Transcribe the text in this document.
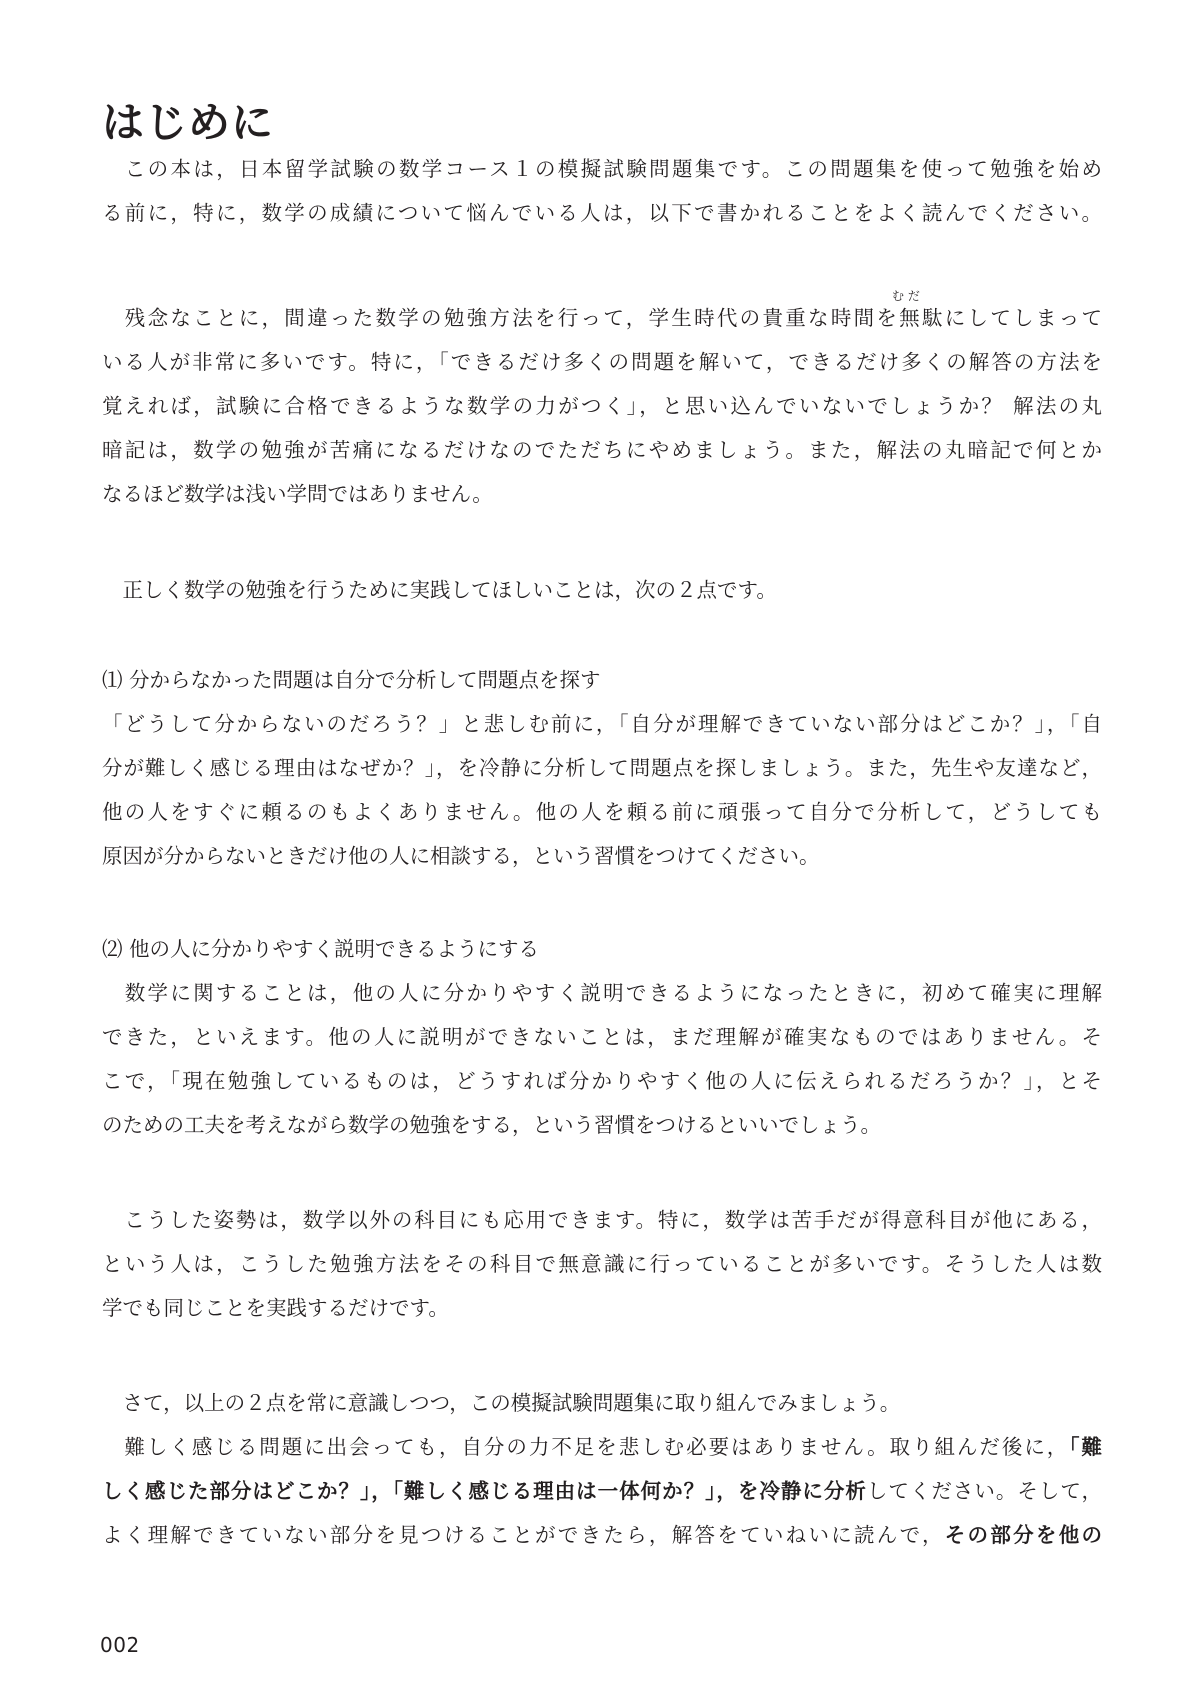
はじめに
む だ
　この本は，日本留学試験の数学コース１の模擬試験問題集です。この問題集を使って勉強を始め
る前に，特に，数学の成績について悩んでいる人は，以下で書かれることをよく読んでください。
　残念なことに，間違った数学の勉強方法を行って，学生時代の貴重な時間を無駄にしてしまって
いる人が非常に多いです。特に，「できるだけ多くの問題を解いて，できるだけ多くの解答の方法を
覚えれば，試験に合格できるような数学の力がつく」，と思い込んでいないでしょうか？ 解法の丸
暗記は，数学の勉強が苦痛になるだけなのでただちにやめましょう。また，解法の丸暗記で何とか
なるほど数学は浅い学問ではありません。
　正しく数学の勉強を行うために実践してほしいことは，次の２点です。
⑴ 分からなかった問題は自分で分析して問題点を探す
「どうして分からないのだろう？」と悲しむ前に，「自分が理解できていない部分はどこか？」，「自
分が難しく感じる理由はなぜか？」，を冷静に分析して問題点を探しましょう。また，先生や友達など，
他の人をすぐに頼るのもよくありません。他の人を頼る前に頑張って自分で分析して，どうしても
原因が分からないときだけ他の人に相談する，という習慣をつけてください。
⑵ 他の人に分かりやすく説明できるようにする
　数学に関することは，他の人に分かりやすく説明できるようになったときに，初めて確実に理解
できた，といえます。他の人に説明ができないことは，まだ理解が確実なものではありません。そ
こで，「現在勉強しているものは，どうすれば分かりやすく他の人に伝えられるだろうか？」，とそ
のための工夫を考えながら数学の勉強をする，という習慣をつけるといいでしょう。
　こうした姿勢は，数学以外の科目にも応用できます。特に，数学は苦手だが得意科目が他にある，
という人は，こうした勉強方法をその科目で無意識に行っていることが多いです。そうした人は数
学でも同じことを実践するだけです。
　さて，以上の２点を常に意識しつつ，この模擬試験問題集に取り組んでみましょう。
　難しく感じる問題に出会っても，自分の力不足を悲しむ必要はありません。取り組んだ後に，「難
しく感じた部分はどこか？」，「難しく感じる理由は一体何か？」，を冷静に分析してください。そして，
よく理解できていない部分を見つけることができたら，解答をていねいに読んで，その部分を他の
002
